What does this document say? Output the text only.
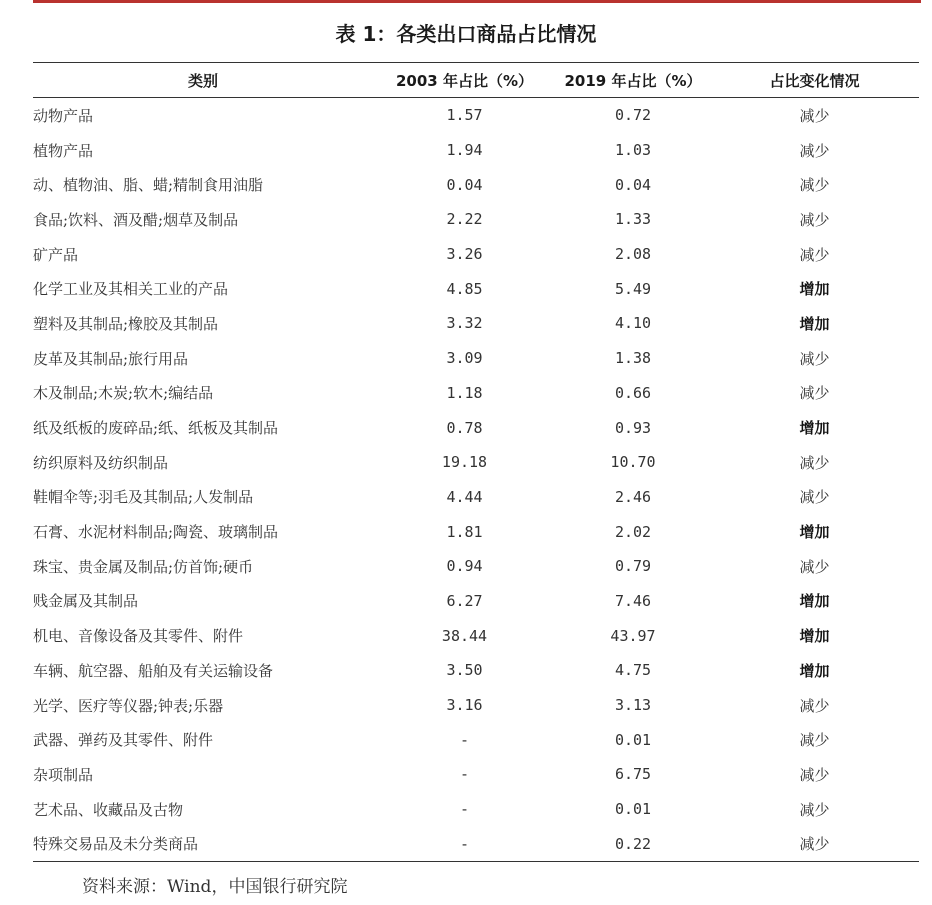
表 1：各类出口商品占比情况
类别	2003 年占比（%）	2019 年占比（%）	占比变化情况
动物产品	1.57	0.72	减少
植物产品	1.94	1.03	减少
动、植物油、脂、蜡;精制食用油脂	0.04	0.04	减少
食品;饮料、酒及醋;烟草及制品	2.22	1.33	减少
矿产品	3.26	2.08	减少
化学工业及其相关工业的产品	4.85	5.49	增加
塑料及其制品;橡胶及其制品	3.32	4.10	增加
皮革及其制品;旅行用品	3.09	1.38	减少
木及制品;木炭;软木;编结品	1.18	0.66	减少
纸及纸板的废碎品;纸、纸板及其制品	0.78	0.93	增加
纺织原料及纺织制品	19.18	10.70	减少
鞋帽伞等;羽毛及其制品;人发制品	4.44	2.46	减少
石膏、水泥材料制品;陶瓷、玻璃制品	1.81	2.02	增加
珠宝、贵金属及制品;仿首饰;硬币	0.94	0.79	减少
贱金属及其制品	6.27	7.46	增加
机电、音像设备及其零件、附件	38.44	43.97	增加
车辆、航空器、船舶及有关运输设备	3.50	4.75	增加
光学、医疗等仪器;钟表;乐器	3.16	3.13	减少
武器、弹药及其零件、附件	-	0.01	减少
杂项制品	-	6.75	减少
艺术品、收藏品及古物	-	0.01	减少
特殊交易品及未分类商品	-	0.22	减少
资料来源：Wind，中国银行研究院
